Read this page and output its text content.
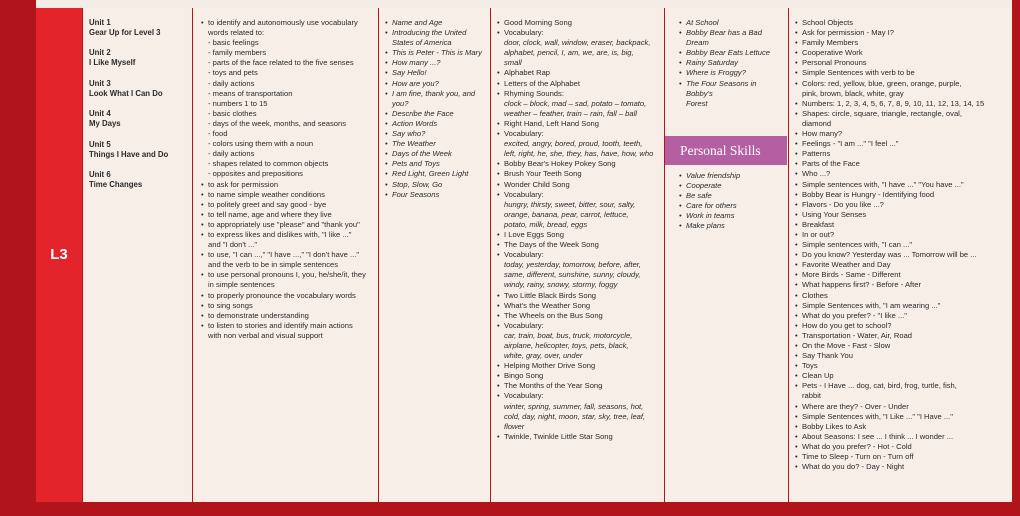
L3
Unit 1
Gear Up for Level 3
Unit 2
I Like Myself
Unit 3
Look What I Can Do
Unit 4
My Days
Unit 5
Things I Have and Do
Unit 6
Time Changes
• to identify and autonomously use vocabulary
words related to:
- basic feelings
- family members
- parts of the face related to the five senses
- toys and pets
- daily actions
- means of transportation
- numbers 1 to 15
- basic clothes
- days of the week, months, and seasons
- food
- colors using them with a noun
- daily actions
- shapes related to common objects
- opposites and prepositions
• to ask for permission
• to name simple weather conditions
• to politely greet and say good - bye
• to tell name, age and where they live
• to appropriately use "please" and "thank you"
• to express likes and dislikes with, "I like ..."
and "I don't ..."
• to use, "I can ...," "I have ...," "I don't have ..."
and the verb to be in simple sentences
• to use personal pronouns I, you, he/she/it, they
in simple sentences
• to properly pronounce the vocabulary words
• to sing songs
• to demonstrate understanding
• to listen to stories and identify main actions
with non verbal and visual support
• Name and Age
• Introducing the United
States of America
• This is Peter - This is Mary
• How many ...?
• Say Hello!
• How are you?
• I am fine, thank you, and
you?
• Describe the Face
• Action Words
• Say who?
• The Weather
• Days of the Week
• Pets and Toys
• Red Light, Green Light
• Stop, Slow, Go
• Four Seasons
• Good Morning Song
• Vocabulary:
door, clock, wall, window, eraser, backpack,
alphabet, pencil, I, am, we, are, is, big,
small
• Alphabet Rap
• Letters of the Alphabet
• Rhyming Sounds:
clock – block, mad – sad, potato – tomato,
weather – feather, train – rain, fall – ball
• Right Hand, Left Hand Song
• Vocabulary:
excited, angry, bored, proud, tooth, teeth,
left, right, he, she, they, has, have, how, who
• Bobby Bear's Hokey Pokey Song
• Brush Your Teeth Song
• Wonder Child Song
• Vocabulary:
hungry, thirsty, sweet, bitter, sour, salty,
orange, banana, pear, carrot, lettuce,
potato, milk, bread, eggs
• I Love Eggs Song
• The Days of the Week Song
• Vocabulary:
today, yesterday, tomorrow, before, after,
same, different, sunshine, sunny, cloudy,
windy, rainy, snowy, stormy, foggy
• Two Little Black Birds Song
• What's the Weather Song
• The Wheels on the Bus Song
• Vocabulary:
car, train, boat, bus, truck, motorcycle,
airplane, helicopter, toys, pets, black,
white, gray, over, under
• Helping Mother Drive Song
• Bingo Song
• The Months of the Year Song
• Vocabulary:
winter, spring, summer, fall, seasons, hot,
cold, day, night, moon, star, sky, tree, leaf,
flower
• Twinkle, Twinkle Little Star Song
• At School
• Bobby Bear has a Bad
Dream
• Bobby Bear Eats Lettuce
• Rainy Saturday
• Where is Froggy?
• The Four Seasons in Bobby's
Forest
Personal Skills
• Value friendship
• Cooperate
• Be safe
• Care for others
• Work in teams
• Make plans
• School Objects
• Ask for permission - May I?
• Family Members
• Cooperative Work
• Personal Pronouns
• Simple Sentences with verb to be
• Colors: red, yellow, blue, green, orange, purple,
pink, brown, black, white, gray
• Numbers: 1, 2, 3, 4, 5, 6, 7, 8, 9, 10, 11, 12, 13, 14, 15
• Shapes: circle, square, triangle, rectangle, oval,
diamond
• How many?
• Feelings - "I am ..." "I feel ..."
• Patterns
• Parts of the Face
• Who ...?
• Simple sentences with, "I have ..." "You have ..."
• Bobby Bear is Hungry - Identifying food
• Flavors - Do you like ...?
• Using Your Senses
• Breakfast
• In or out?
• Simple sentences with, "I can ..."
• Do you know? Yesterday was ... Tomorrow will be ...
• Favorite Weather and Day
• More Birds - Same - Different
• What happens first? - Before - After
• Clothes
• Simple Sentences with, "I am wearing ..."
• What do you prefer? - "I like ..."
• How do you get to school?
• Transportation - Water, Air, Road
• On the Move - Fast - Slow
• Say Thank You
• Toys
• Clean Up
• Pets - I Have ... dog, cat, bird, frog, turtle, fish,
rabbit
• Where are they? - Over - Under
• Simple Sentences with, "I Like ..." "I Have ..."
• Bobby Likes to Ask
• About Seasons: I see ... I think ... I wonder ...
• What do you prefer? - Hot - Cold
• Time to Sleep - Turn on - Turn off
• What do you do? - Day - Night
